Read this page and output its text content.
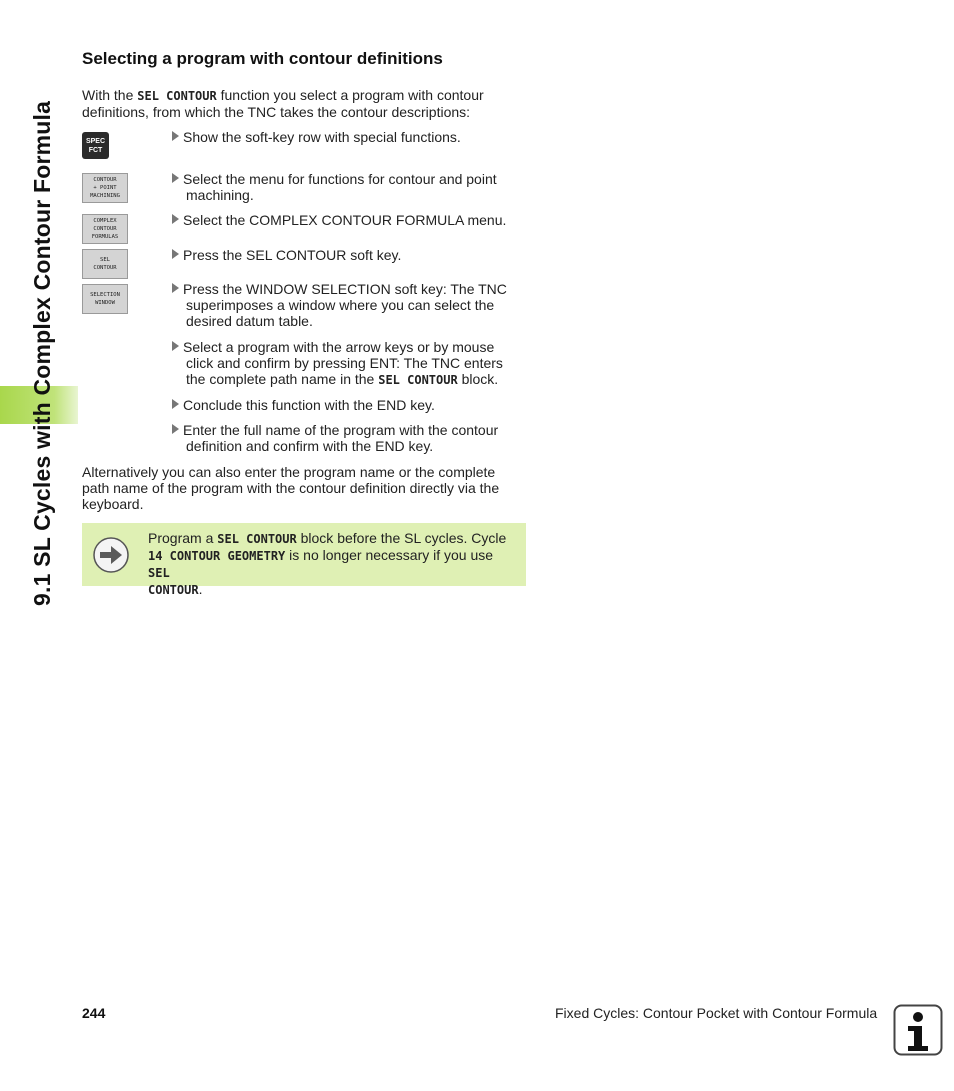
9.1 SL Cycles with Complex Contour Formula
Selecting a program with contour definitions

With the SEL CONTOUR function you select a program with contour
definitions, from which the TNC takes the contour descriptions:

SPEC
FCT
CONTOUR
+ POINT
MACHINING
COMPLEX
CONTOUR
FORMULAS
SEL
CONTOUR
SELECTION
WINDOW
Show the soft-key row with special functions.
Select the menu for functions for contour and point
machining.
Select the COMPLEX CONTOUR FORMULA menu.
Press the SEL CONTOUR soft key.
Press the WINDOW SELECTION soft key: The TNC
superimposes a window where you can select the
desired datum table.
Select a program with the arrow keys or by mouse
click and confirm by pressing ENT: The TNC enters
the complete path name in the SEL CONTOUR block.
Conclude this function with the END key.
Enter the full name of the program with the contour
definition and confirm with the END key.

Alternatively you can also enter the program name or the complete
path name of the program with the contour definition directly via the
keyboard.

Program a SEL CONTOUR block before the SL cycles. Cycle
14 CONTOUR GEOMETRY is no longer necessary if you use SEL
CONTOUR.
244	Fixed Cycles: Contour Pocket with Contour Formula
